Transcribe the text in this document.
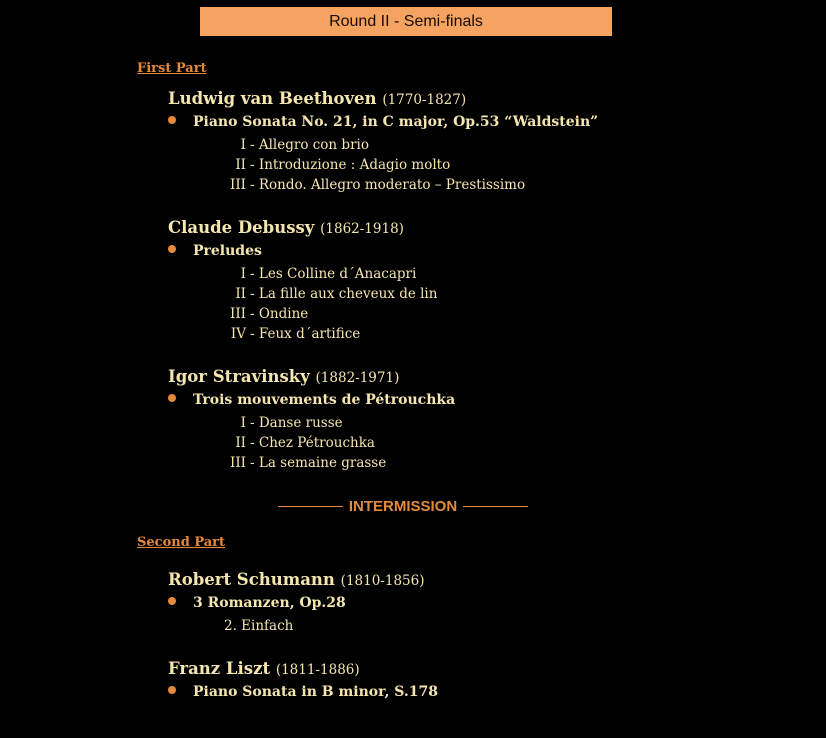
Round II - Semi-finals
First Part
Ludwig van Beethoven (1770-1827)
Piano Sonata No. 21, in C major, Op.53 “Waldstein”
I - Allegro con brio
II - Introduzione : Adagio molto
III - Rondo. Allegro moderato – Prestissimo
Claude Debussy (1862-1918)
Preludes
I - Les Colline d´Anacapri
II - La fille aux cheveux de lin
III - Ondine
IV - Feux d´artifice
Igor Stravinsky (1882-1971)
Trois mouvements de Pétrouchka
I - Danse russe
II - Chez Pétrouchka
III - La semaine grasse
INTERMISSION
Second Part
Robert Schumann (1810-1856)
3 Romanzen, Op.28
2. Einfach
Franz Liszt (1811-1886)
Piano Sonata in B minor, S.178
